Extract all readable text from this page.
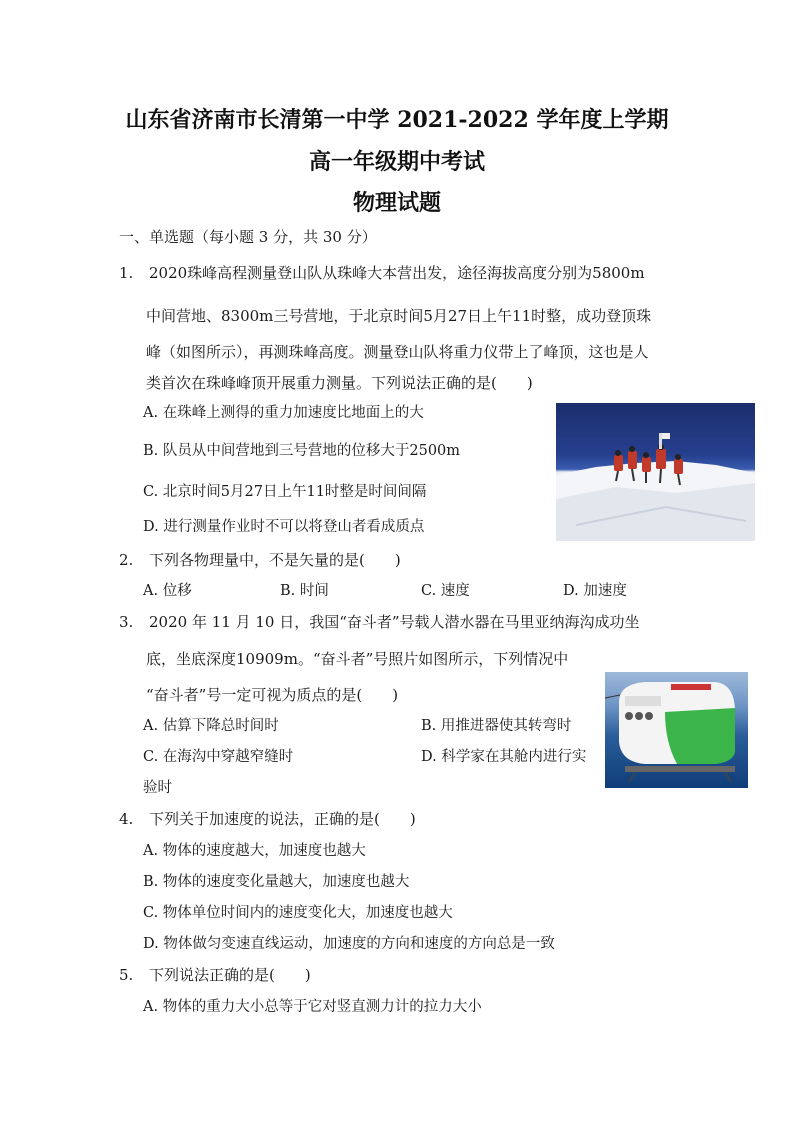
山东省济南市长清第一中学 2021-2022 学年度上学期
高一年级期中考试
物理试题
一、单选题（每小题 3 分，共 30 分）
1. 2020珠峰高程测量登山队从珠峰大本营出发，途径海拔高度分别为5800m
中间营地、8300m三号营地，于北京时间5月27日上午11时整，成功登顶珠
峰（如图所示），再测珠峰高度。测量登山队将重力仪带上了峰顶，这也是人
类首次在珠峰峰顶开展重力测量。下列说法正确的是(　　)
A. 在珠峰上测得的重力加速度比地面上的大
B. 队员从中间营地到三号营地的位移大于2500m
C. 北京时间5月27日上午11时整是时间间隔
D. 进行测量作业时不可以将登山者看成质点
2. 下列各物理量中，不是矢量的是(　　)
A. 位移	B. 时间	C. 速度	D. 加速度
3. 2020 年 11 月 10 日，我国“奋斗者”号载人潜水器在马里亚纳海沟成功坐
底，坐底深度10909m。“奋斗者”号照片如图所示，下列情况中
“奋斗者”号一定可视为质点的是(　　)
A. 估算下降总时间时	B. 用推进器使其转弯时
C. 在海沟中穿越窄缝时	D. 科学家在其舱内进行实
验时
4. 下列关于加速度的说法，正确的是(　　)
A. 物体的速度越大，加速度也越大
B. 物体的速度变化量越大，加速度也越大
C. 物体单位时间内的速度变化大，加速度也越大
D. 物体做匀变速直线运动，加速度的方向和速度的方向总是一致
5. 下列说法正确的是(　　)
A. 物体的重力大小总等于它对竖直测力计的拉力大小
